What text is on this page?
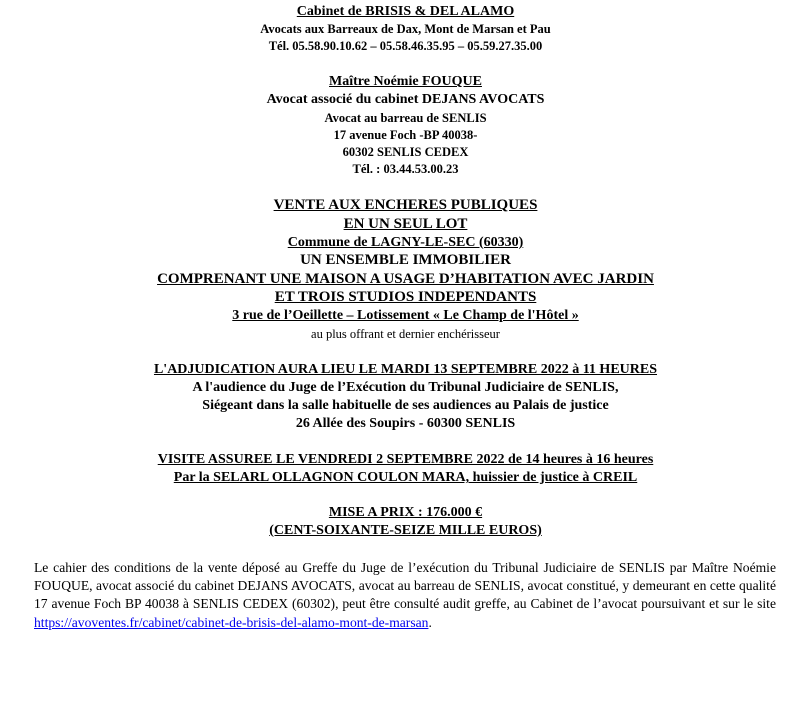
Cabinet de BRISIS & DEL ALAMO
Avocats aux Barreaux de Dax, Mont de Marsan et Pau
Tél. 05.58.90.10.62 – 05.58.46.35.95 – 05.59.27.35.00
Maître Noémie FOUQUE
Avocat associé du cabinet DEJANS AVOCATS
Avocat au barreau de SENLIS
17 avenue Foch -BP 40038-
60302 SENLIS CEDEX
Tél. : 03.44.53.00.23
VENTE AUX ENCHERES PUBLIQUES
EN UN SEUL LOT
Commune de LAGNY-LE-SEC (60330)
UN ENSEMBLE IMMOBILIER
COMPRENANT UNE MAISON A USAGE D’HABITATION AVEC JARDIN
ET TROIS STUDIOS INDEPENDANTS
3 rue de l’Oeillette – Lotissement « Le Champ de l'Hôtel »
au plus offrant et dernier enchérisseur
L'ADJUDICATION AURA LIEU LE MARDI 13 SEPTEMBRE 2022 à 11 HEURES
A l'audience du Juge de l’Exécution du Tribunal Judiciaire de SENLIS,
Siégeant dans la salle habituelle de ses audiences au Palais de justice
26 Allée des Soupirs - 60300 SENLIS
VISITE ASSUREE LE VENDREDI 2 SEPTEMBRE 2022 de 14 heures à 16 heures
Par la SELARL OLLAGNON COULON MARA, huissier de justice à CREIL
MISE A PRIX : 176.000 €
(CENT-SOIXANTE-SEIZE MILLE EUROS)
Le cahier des conditions de la vente déposé au Greffe du Juge de l’exécution du Tribunal Judiciaire de SENLIS par Maître Noémie FOUQUE, avocat associé du cabinet DEJANS AVOCATS, avocat au barreau de SENLIS, avocat constitué, y demeurant en cette qualité 17 avenue Foch BP 40038 à SENLIS CEDEX (60302), peut être consulté audit greffe, au Cabinet de l’avocat poursuivant et sur le site https://avoventes.fr/cabinet/cabinet-de-brisis-del-alamo-mont-de-marsan.
